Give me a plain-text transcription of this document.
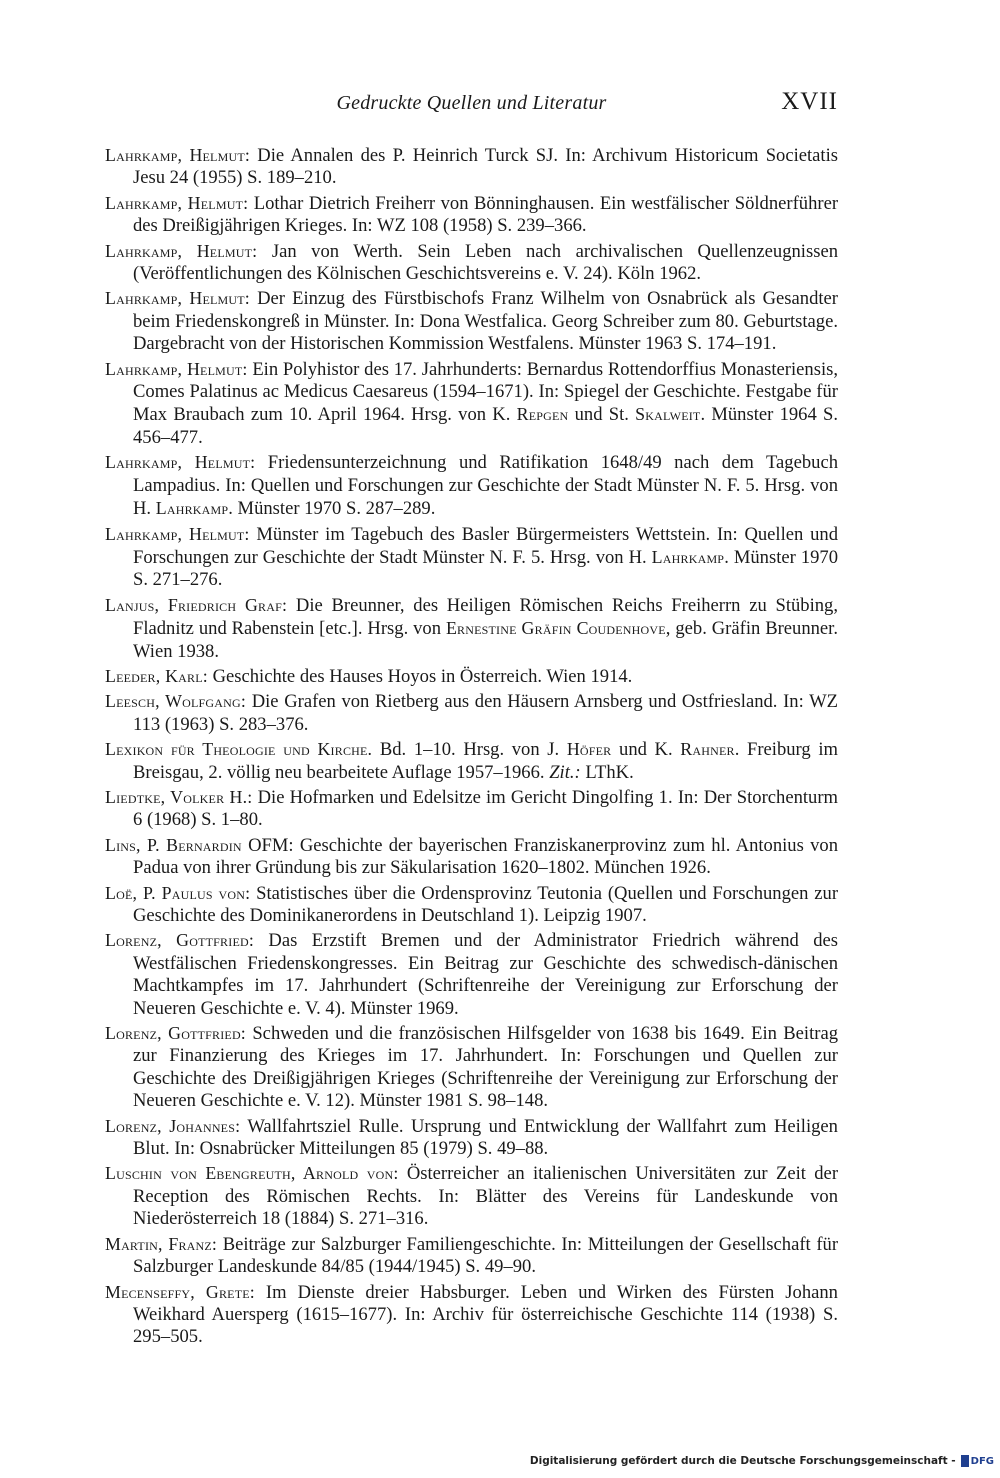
Gedruckte Quellen und Literatur	XVII

Lahrkamp, Helmut: Die Annalen des P. Heinrich Turck SJ. In: Archivum Historicum Societatis Jesu 24 (1955) S. 189–210.

Lahrkamp, Helmut: Lothar Dietrich Freiherr von Bönninghausen. Ein westfälischer Söldnerführer des Dreißigjährigen Krieges. In: WZ 108 (1958) S. 239–366.

Lahrkamp, Helmut: Jan von Werth. Sein Leben nach archivalischen Quellenzeugnissen (Veröffentlichungen des Kölnischen Geschichtsvereins e. V. 24). Köln 1962.

Lahrkamp, Helmut: Der Einzug des Fürstbischofs Franz Wilhelm von Osnabrück als Gesandter beim Friedenskongreß in Münster. In: Dona Westfalica. Georg Schreiber zum 80. Geburtstage. Dargebracht von der Historischen Kommission Westfalens. Münster 1963 S. 174–191.

Lahrkamp, Helmut: Ein Polyhistor des 17. Jahrhunderts: Bernardus Rottendorffius Monasteriensis, Comes Palatinus ac Medicus Caesareus (1594–1671). In: Spiegel der Geschichte. Festgabe für Max Braubach zum 10. April 1964. Hrsg. von K. Repgen und St. Skalweit. Münster 1964 S. 456–477.

Lahrkamp, Helmut: Friedensunterzeichnung und Ratifikation 1648/49 nach dem Tagebuch Lampadius. In: Quellen und Forschungen zur Geschichte der Stadt Münster N. F. 5. Hrsg. von H. Lahrkamp. Münster 1970 S. 287–289.

Lahrkamp, Helmut: Münster im Tagebuch des Basler Bürgermeisters Wettstein. In: Quellen und Forschungen zur Geschichte der Stadt Münster N. F. 5. Hrsg. von H. Lahrkamp. Münster 1970 S. 271–276.

Lanjus, Friedrich Graf: Die Breunner, des Heiligen Römischen Reichs Freiherrn zu Stübing, Fladnitz und Rabenstein [etc.]. Hrsg. von Ernestine Gräfin Coudenhove, geb. Gräfin Breunner. Wien 1938.

Leeder, Karl: Geschichte des Hauses Hoyos in Österreich. Wien 1914.

Leesch, Wolfgang: Die Grafen von Rietberg aus den Häusern Arnsberg und Ostfriesland. In: WZ 113 (1963) S. 283–376.

Lexikon für Theologie und Kirche. Bd. 1–10. Hrsg. von J. Höfer und K. Rahner. Freiburg im Breisgau, 2. völlig neu bearbeitete Auflage 1957–1966. Zit.: LThK.

Liedtke, Volker H.: Die Hofmarken und Edelsitze im Gericht Dingolfing 1. In: Der Storchenturm 6 (1968) S. 1–80.

Lins, P. Bernardin OFM: Geschichte der bayerischen Franziskanerprovinz zum hl. Antonius von Padua von ihrer Gründung bis zur Säkularisation 1620–1802. München 1926.

Loë, P. Paulus von: Statistisches über die Ordensprovinz Teutonia (Quellen und Forschungen zur Geschichte des Dominikanerordens in Deutschland 1). Leipzig 1907.

Lorenz, Gottfried: Das Erzstift Bremen und der Administrator Friedrich während des Westfälischen Friedenskongresses. Ein Beitrag zur Geschichte des schwedisch-dänischen Machtkampfes im 17. Jahrhundert (Schriftenreihe der Vereinigung zur Erforschung der Neueren Geschichte e. V. 4). Münster 1969.

Lorenz, Gottfried: Schweden und die französischen Hilfsgelder von 1638 bis 1649. Ein Beitrag zur Finanzierung des Krieges im 17. Jahrhundert. In: Forschungen und Quellen zur Geschichte des Dreißigjährigen Krieges (Schriftenreihe der Vereinigung zur Erforschung der Neueren Geschichte e. V. 12). Münster 1981 S. 98–148.

Lorenz, Johannes: Wallfahrtsziel Rulle. Ursprung und Entwicklung der Wallfahrt zum Heiligen Blut. In: Osnabrücker Mitteilungen 85 (1979) S. 49–88.

Luschin von Ebengreuth, Arnold von: Österreicher an italienischen Universitäten zur Zeit der Reception des Römischen Rechts. In: Blätter des Vereins für Landeskunde von Niederösterreich 18 (1884) S. 271–316.

Martin, Franz: Beiträge zur Salzburger Familiengeschichte. In: Mitteilungen der Gesellschaft für Salzburger Landeskunde 84/85 (1944/1945) S. 49–90.

Mecenseffy, Grete: Im Dienste dreier Habsburger. Leben und Wirken des Fürsten Johann Weikhard Auersperg (1615–1677). In: Archiv für österreichische Geschichte 114 (1938) S. 295–505.

Digitalisierung gefördert durch die Deutsche Forschungsgemeinschaft - DFG
